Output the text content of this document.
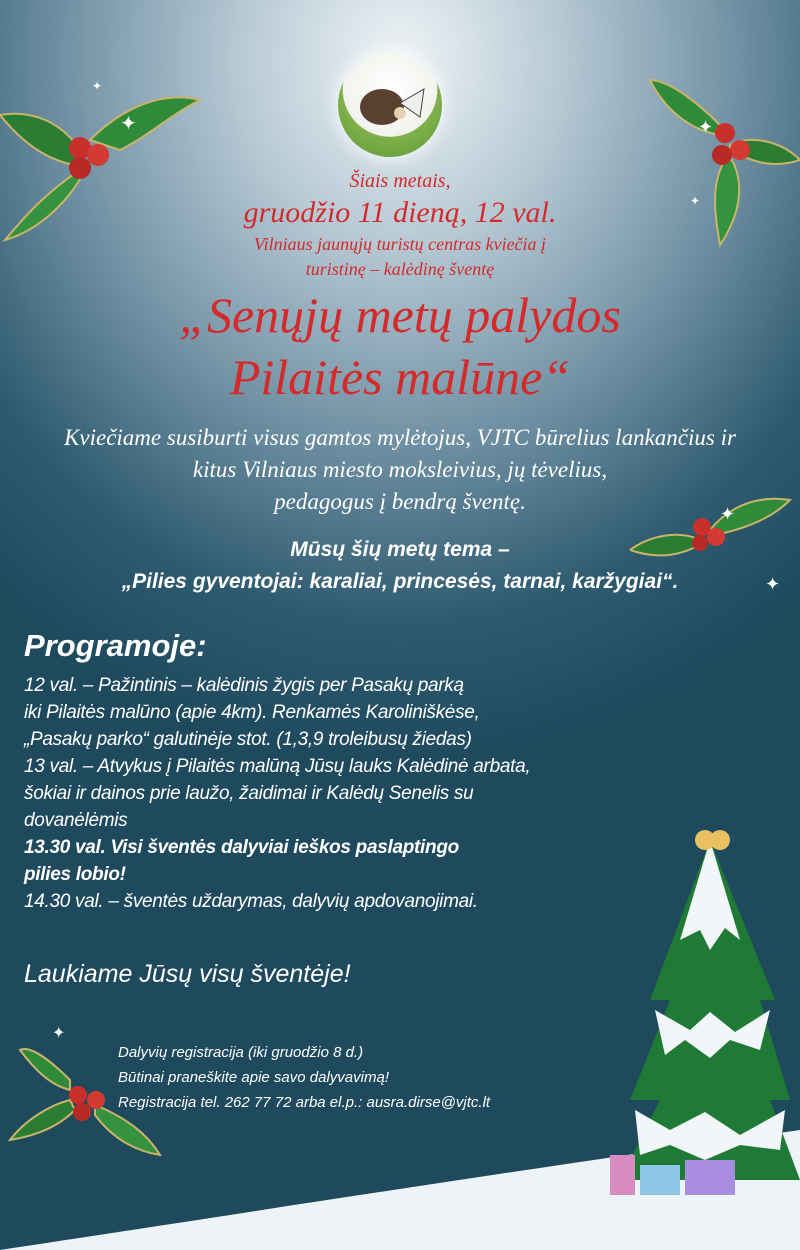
✦
✦
✦
✦
✦
✦
✦
Šiais metais,
gruodžio 11 dieną, 12 val.
Vilniaus jaunųjų turistų centras kviečia į
turistinę – kalėdinę šventę
„Senųjų metų palydos
Pilaitės malūne“
Kviečiame susiburti visus gamtos mylėtojus, VJTC būrelius lankančius ir
kitus Vilniaus miesto moksleivius, jų tėvelius,
pedagogus į bendrą šventę.
Mūsų šių metų tema –
„Pilies gyventojai: karaliai, princesės, tarnai, karžygiai“.
Programoje:
12 val. – Pažintinis – kalėdinis žygis per Pasakų parką
iki Pilaitės malūno (apie 4km). Renkamės Karoliniškėse,
„Pasakų parko“ galutinėje stot. (1,3,9 troleibusų žiedas)
13 val. – Atvykus į Pilaitės malūną Jūsų lauks Kalėdinė arbata,
šokiai ir dainos prie laužo, žaidimai ir Kalėdų Senelis su
dovanėlėmis
13.30 val. Visi šventės dalyviai ieškos paslaptingo
pilies lobio!
14.30 val. – šventės uždarymas, dalyvių apdovanojimai.
Laukiame Jūsų visų šventėje!
Dalyvių registracija (iki gruodžio 8 d.)
Būtinai praneškite apie savo dalyvavimą!
Registracija tel. 262 77 72 arba el.p.: ausra.dirse@vjtc.lt
